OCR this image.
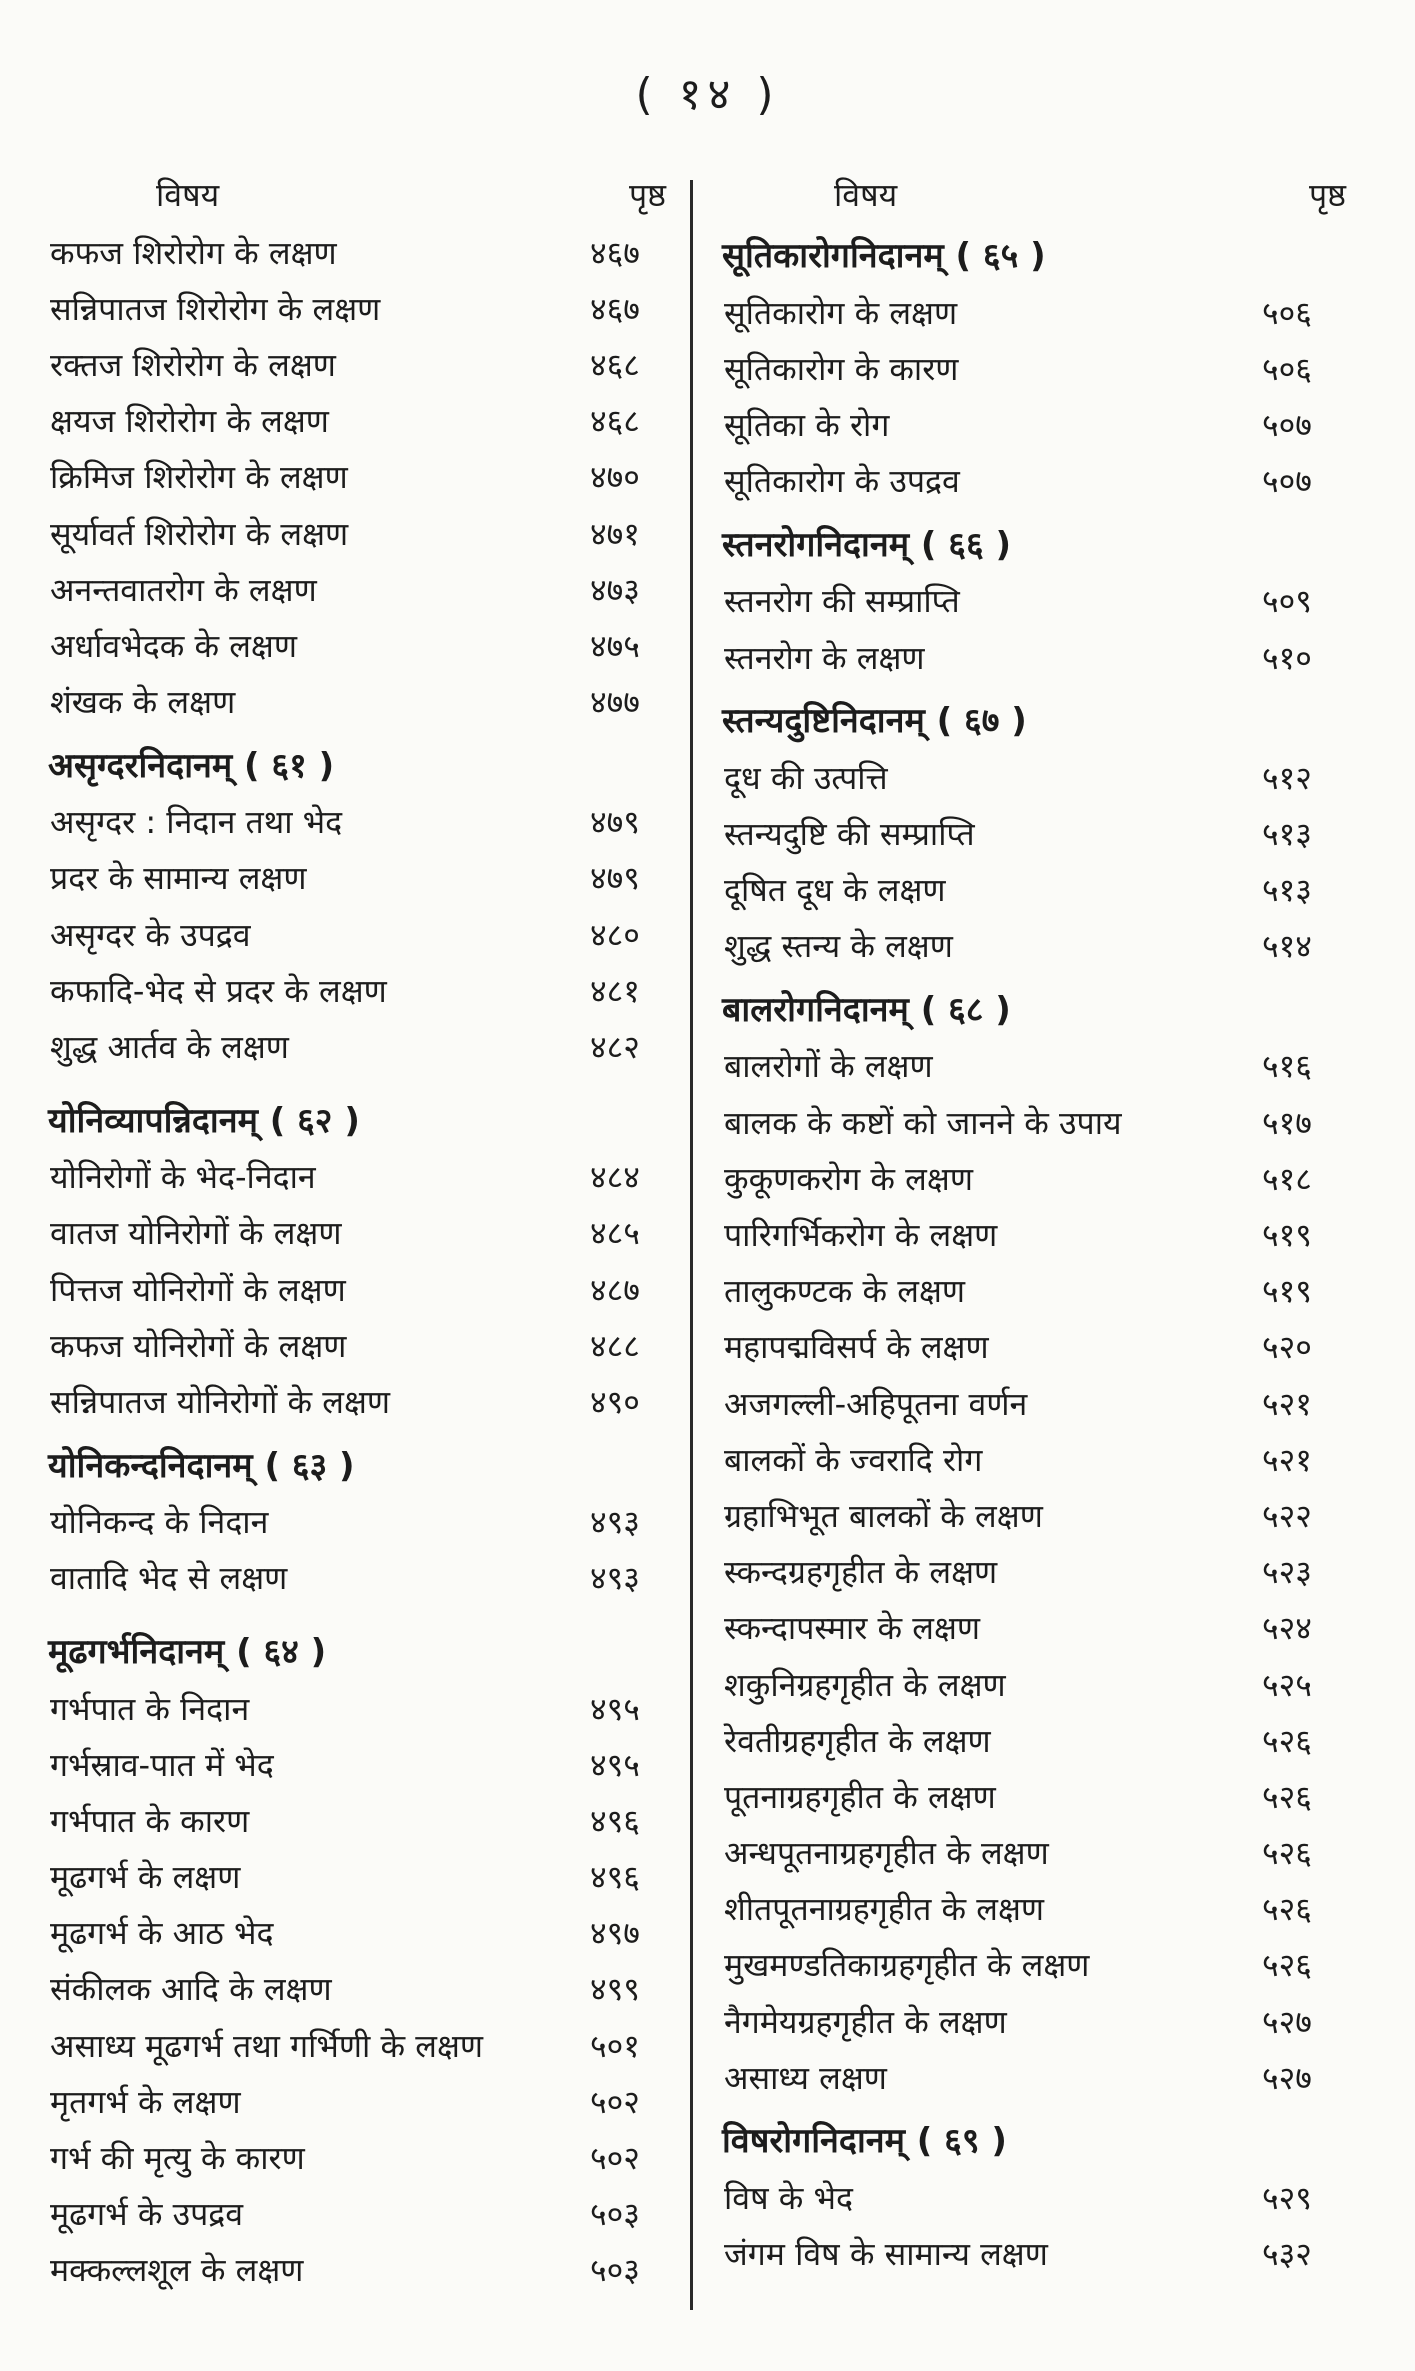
( १४ )
विषय	पृष्ठ
कफज शिरोरोग के लक्षण	४६७
सन्निपातज शिरोरोग के लक्षण	४६७
रक्तज शिरोरोग के लक्षण	४६८
क्षयज शिरोरोग के लक्षण	४६८
क्रिमिज शिरोरोग के लक्षण	४७०
सूर्यावर्त शिरोरोग के लक्षण	४७१
अनन्तवातरोग के लक्षण	४७३
अर्धावभेदक के लक्षण	४७५
शंखक के लक्षण	४७७
असृग्दरनिदानम् ( ६१ )
असृग्दर : निदान तथा भेद	४७९
प्रदर के सामान्य लक्षण	४७९
असृग्दर के उपद्रव	४८०
कफादि-भेद से प्रदर के लक्षण	४८१
शुद्ध आर्तव के लक्षण	४८२
योनिव्यापन्निदानम् ( ६२ )
योनिरोगों के भेद-निदान	४८४
वातज योनिरोगों के लक्षण	४८५
पित्तज योनिरोगों के लक्षण	४८७
कफज योनिरोगों के लक्षण	४८८
सन्निपातज योनिरोगों के लक्षण	४९०
योनिकन्दनिदानम् ( ६३ )
योनिकन्द के निदान	४९३
वातादि भेद से लक्षण	४९३
मूढगर्भनिदानम् ( ६४ )
गर्भपात के निदान	४९५
गर्भस्राव-पात में भेद	४९५
गर्भपात के कारण	४९६
मूढगर्भ के लक्षण	४९६
मूढगर्भ के आठ भेद	४९७
संकीलक आदि के लक्षण	४९९
असाध्य मूढगर्भ तथा गर्भिणी के लक्षण	५०१
मृतगर्भ के लक्षण	५०२
गर्भ की मृत्यु के कारण	५०२
मूढगर्भ के उपद्रव	५०३
मक्कल्लशूल के लक्षण	५०३
विषय	पृष्ठ
सूतिकारोगनिदानम् ( ६५ )
सूतिकारोग के लक्षण	५०६
सूतिकारोग के कारण	५०६
सूतिका के रोग	५०७
सूतिकारोग के उपद्रव	५०७
स्तनरोगनिदानम् ( ६६ )
स्तनरोग की सम्प्राप्ति	५०९
स्तनरोग के लक्षण	५१०
स्तन्यदुष्टिनिदानम् ( ६७ )
दूध की उत्पत्ति	५१२
स्तन्यदुष्टि की सम्प्राप्ति	५१३
दूषित दूध के लक्षण	५१३
शुद्ध स्तन्य के लक्षण	५१४
बालरोगनिदानम् ( ६८ )
बालरोगों के लक्षण	५१६
बालक के कष्टों को जानने के उपाय	५१७
कुकूणकरोग के लक्षण	५१८
पारिगर्भिकरोग के लक्षण	५१९
तालुकण्टक के लक्षण	५१९
महापद्मविसर्प के लक्षण	५२०
अजगल्ली-अहिपूतना वर्णन	५२१
बालकों के ज्वरादि रोग	५२१
ग्रहाभिभूत बालकों के लक्षण	५२२
स्कन्दग्रहगृहीत के लक्षण	५२३
स्कन्दापस्मार के लक्षण	५२४
शकुनिग्रहगृहीत के लक्षण	५२५
रेवतीग्रहगृहीत के लक्षण	५२६
पूतनाग्रहगृहीत के लक्षण	५२६
अन्धपूतनाग्रहगृहीत के लक्षण	५२६
शीतपूतनाग्रहगृहीत के लक्षण	५२६
मुखमण्डतिकाग्रहगृहीत के लक्षण	५२६
नैगमेयग्रहगृहीत के लक्षण	५२७
असाध्य लक्षण	५२७
विषरोगनिदानम् ( ६९ )
विष के भेद	५२९
जंगम विष के सामान्य लक्षण	५३२
